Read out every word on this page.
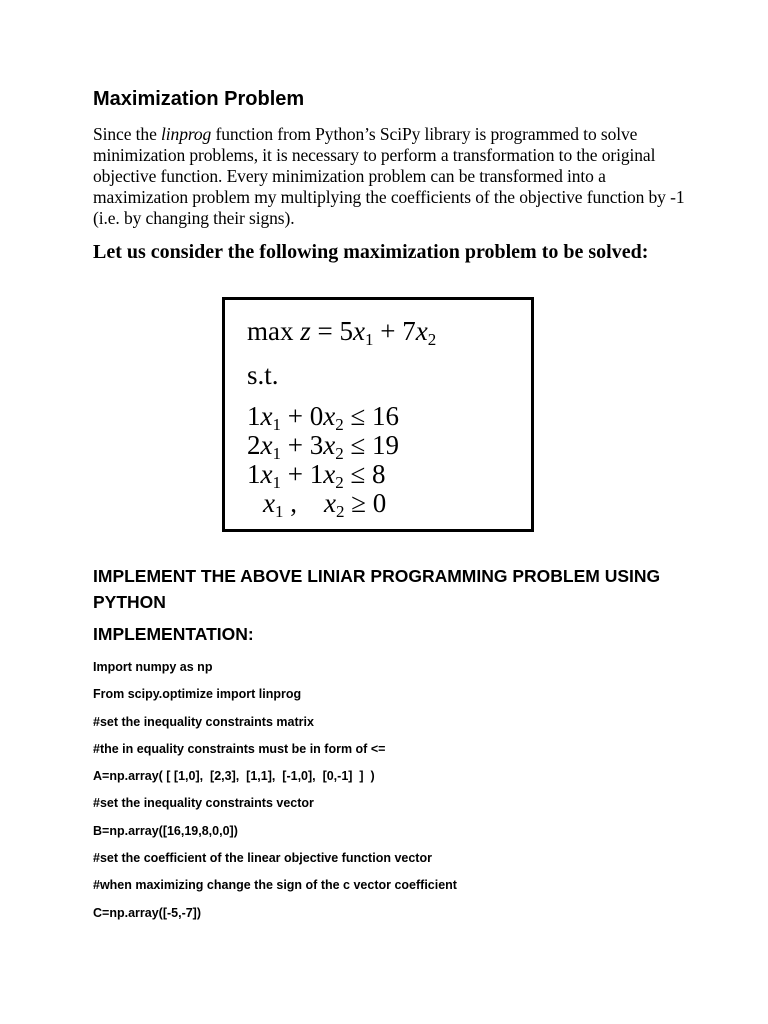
Maximization Problem

Since the linprog function from Python’s SciPy library is programmed to solve minimization problems, it is necessary to perform a transformation to the original objective function. Every minimization problem can be transformed into a maximization problem my multiplying the coefficients of the objective function by -1 (i.e. by changing their signs).

Let us consider the following maximization problem to be solved:

$\max z = 5x_1 + 7x_2$
s.t.
$1x_1 + 0x_2 \le 16$
$2x_1 + 3x_2 \le 19$
$1x_1 + 1x_2 \le 8$
$x_1$ ,    $x_2 \ge 0$
IMPLEMENT THE ABOVE LINIAR PROGRAMMING PROBLEM USING PYTHON
IMPLEMENTATION:
Import numpy as np
From scipy.optimize import linprog
#set the inequality constraints matrix
#the in equality constraints must be in form of <=
A=np.array( [ [1,0],  [2,3],  [1,1],  [-1,0],  [0,-1]  ]  )
#set the inequality constraints vector
B=np.array([16,19,8,0,0])
#set the coefficient of the linear objective function vector
#when maximizing change the sign of the c vector coefficient
C=np.array([-5,-7])
